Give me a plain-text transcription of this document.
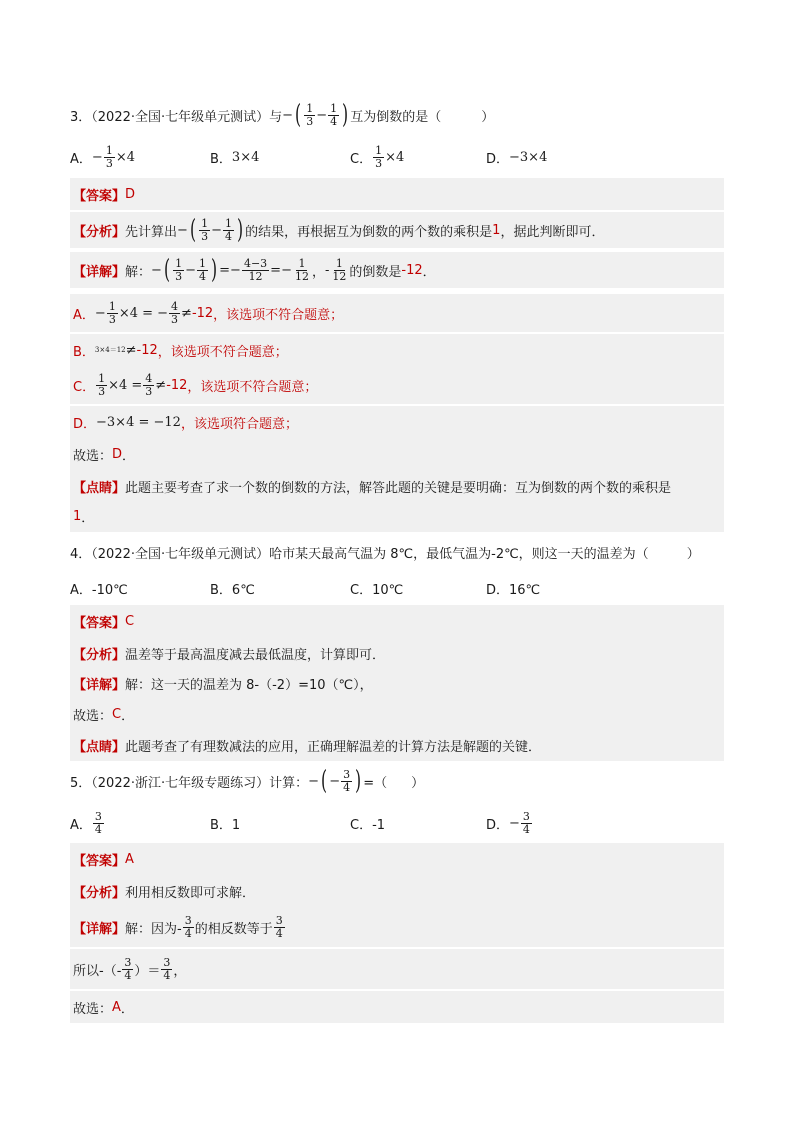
3．（2022·全国·七年级单元测试）与 − ( $\frac{1}{3} - \frac{1}{4}$ ) 互为倒数的是（	）
A． − $\frac{1}{3} \times 4$	B． 3×4	C． $\frac{1}{3} \times 4$	D． −3×4
【答案】 D
【分析】 先计算出 − ( $\frac{1}{3} - \frac{1}{4}$ ) 的结果，再根据互为倒数的两个数的乘积是 1 ，据此判断即可．
【详解】 解： − ( $\frac{1}{3} - \frac{1}{4}$ ) =− $\frac{4-3}{12} =- \frac{1}{12}$ ， - $\frac{1}{12}$ 的倒数是 -12 ．
A． − $\frac{1}{3} \times 4$ = − $\frac{4}{3} \ne -12$ ，该选项不符合题意；
B． 3×4＝12 ≠ -12 ，该选项不符合题意；
C． $\frac{1}{3} \times 4 = \frac{4}{3} \ne -12$ ，该选项不符合题意；
D． −3×4 = −12 ，该选项符合题意；
故选： D ．
【点睛】 此题主要考查了求一个数的倒数的方法，解答此题的关键是要明确：互为倒数的两个数的乘积是
1 ．
4．（2022·全国·七年级单元测试）哈市某天最高气温为 8℃，最低气温为-2℃，则这一天的温差为（	）
A．-10℃	B．6℃	C．10℃	D．16℃
【答案】 C
【分析】 温差等于最高温度减去最低温度，计算即可．
【详解】 解：这一天的温差为 8-（-2）=10（℃），
故选： C ．
【点睛】 此题考查了有理数减法的应用，正确理解温差的计算方法是解题的关键．
5．（2022·浙江·七年级专题练习）计算： − ( − $\frac{3}{4}$ ) =（ ）
A． $\frac{3}{4}$	B．1	C．-1	D． − $\frac{3}{4}$
【答案】 A
【分析】 利用相反数即可求解．
【详解】 解：因为- $\frac{3}{4}$ 的相反数等于 $\frac{3}{4}$
所以-（- $\frac{3}{4}$ ）＝ $\frac{3}{4}$ ，
故选： A ．
